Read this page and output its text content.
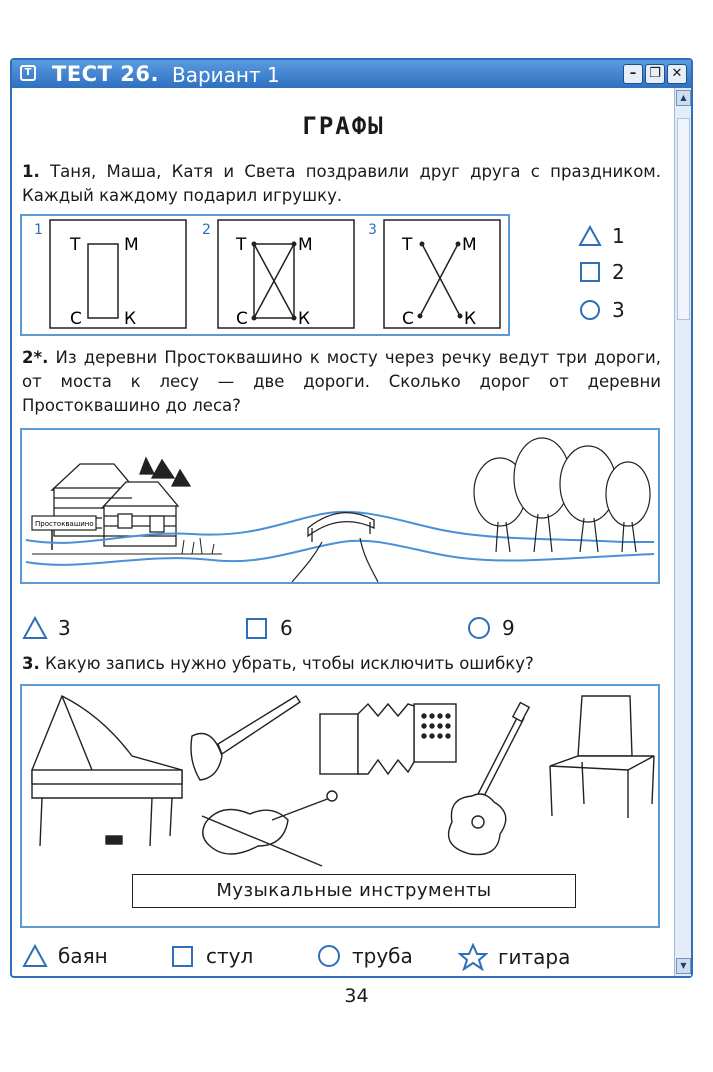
T ТЕСТ 26. Вариант 1	– ❐ ✕
▲
▼
ГРАФЫ
1. Таня, Маша, Катя и Света поздравили друг друга с праздником. Каждый каждому подарил игрушку.
1
Т	М
С К
2
Т	М
С	К
3
Т	М
С	К
1
2
3
2*. Из деревни Простоквашино к мосту через речку ведут три дороги, от моста к лесу — две дороги. Сколько дорог от деревни Простоквашино до леса?
Простоквашино
3	6	9
3. Какую запись нужно убрать, чтобы исключить ошибку?
Музыкальные инструменты
баян	стул	труба	гитара
34
